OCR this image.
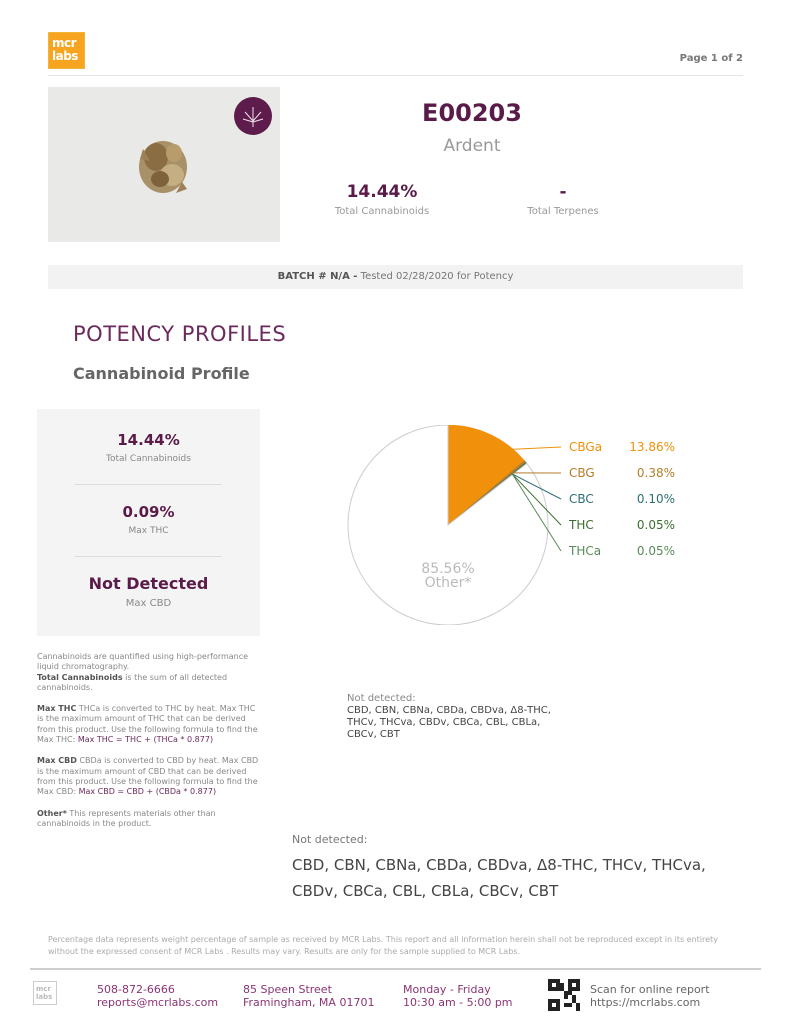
mcr
labs	Page 1 of 2
E00203
Ardent
14.44%
Total Cannabinoids
-
Total Terpenes
BATCH # N/A - Tested 02/28/2020 for Potency
POTENCY PROFILES
Cannabinoid Profile
14.44%
Total Cannabinoids
0.09%
Max THC
Not Detected
Max CBD

Cannabinoids are quantified using high-performance liquid chromatography.
Total Cannabinoids is the sum of all detected cannabinoids.

Max THC THCa is converted to THC by heat. Max THC is the maximum amount of THC that can be derived from this product. Use the following formula to find the Max THC: Max THC = THC + (THCa * 0.877)

Max CBD CBDa is converted to CBD by heat. Max CBD is the maximum amount of CBD that can be derived from this product. Use the following formula to find the Max CBD: Max CBD = CBD + (CBDa * 0.877)

Other* This represents materials other than cannabinoids in the product.

CBGa 13.86%
CBG	0.38%
CBC	0.10%
THC	0.05%
THCa	0.05%
85.56%
Other*
Not detected:
CBD, CBN, CBNa, CBDa, CBDva, Δ8-THC, THCv, THCva, CBDv, CBCa, CBL, CBLa, CBCv, CBT
Not detected:
CBD, CBN, CBNa, CBDa, CBDva, Δ8-THC, THCv, THCva, CBDv, CBCa, CBL, CBLa, CBCv, CBT
Percentage data represents weight percentage of sample as received by MCR Labs. This report and all information herein shall not be reproduced except in its entirety without the expressed consent of MCR Labs . Results may vary. Results are only for the sample supplied to MCR Labs.
mcr
labs
508-872-6666
reports@mcrlabs.com
85 Speen Street
Framingham, MA 01701
Monday - Friday
10:30 am - 5:00 pm
Scan for online report
https://mcrlabs.com
